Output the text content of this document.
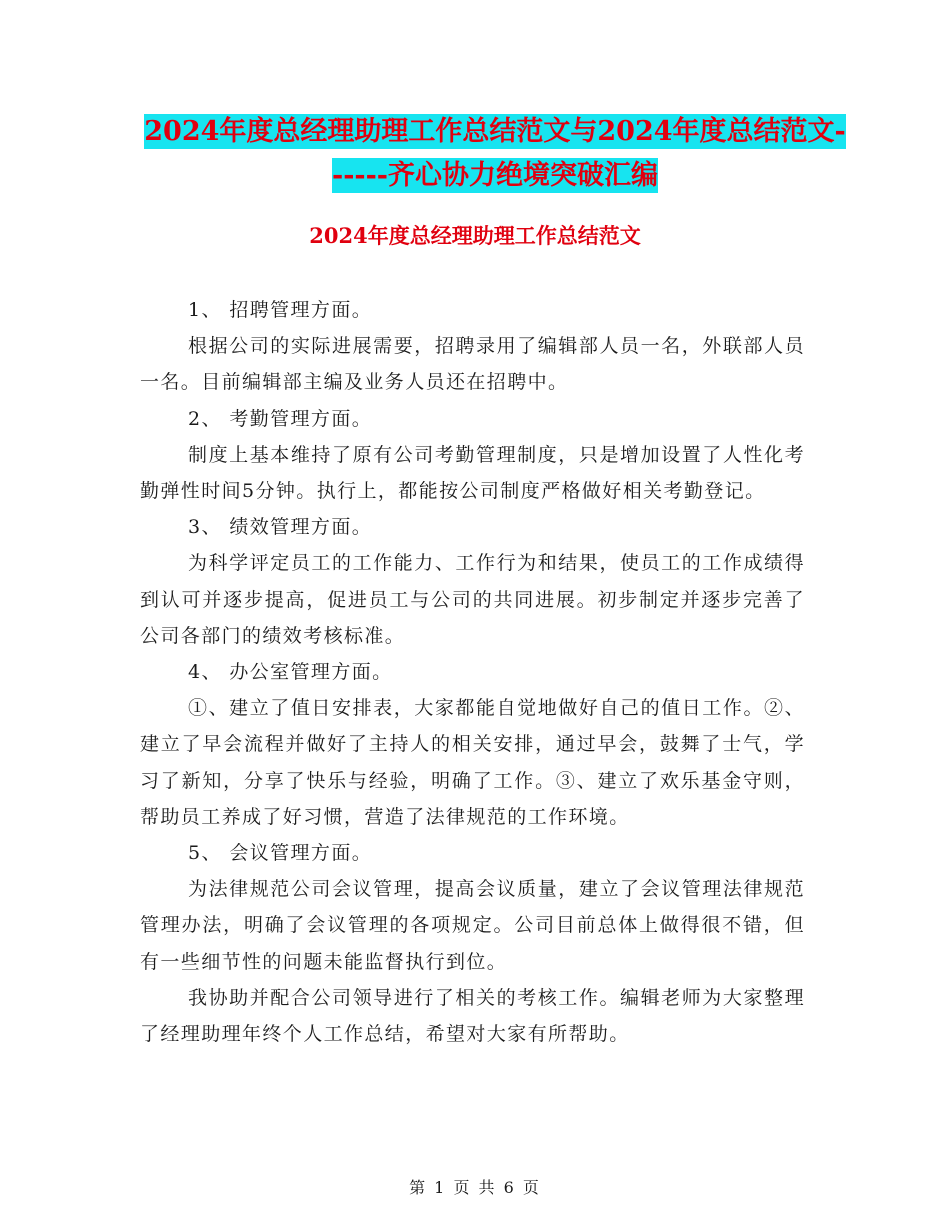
2024年度总经理助理工作总结范文与2024年度总结范文------齐心协力绝境突破汇编
2024年度总经理助理工作总结范文

1、 招聘管理方面。

根据公司的实际进展需要，招聘录用了编辑部人员一名，外联部人员一名。目前编辑部主编及业务人员还在招聘中。

2、 考勤管理方面。

制度上基本维持了原有公司考勤管理制度，只是增加设置了人性化考勤弹性时间5分钟。执行上，都能按公司制度严格做好相关考勤登记。

3、 绩效管理方面。

为科学评定员工的工作能力、工作行为和结果，使员工的工作成绩得到认可并逐步提高，促进员工与公司的共同进展。初步制定并逐步完善了公司各部门的绩效考核标准。

4、 办公室管理方面。

①、建立了值日安排表，大家都能自觉地做好自己的值日工作。②、建立了早会流程并做好了主持人的相关安排，通过早会，鼓舞了士气，学习了新知，分享了快乐与经验，明确了工作。③、建立了欢乐基金守则，帮助员工养成了好习惯，营造了法律规范的工作环境。

5、 会议管理方面。

为法律规范公司会议管理，提高会议质量，建立了会议管理法律规范管理办法，明确了会议管理的各项规定。公司目前总体上做得很不错，但有一些细节性的问题未能监督执行到位。

我协助并配合公司领导进行了相关的考核工作。编辑老师为大家整理了经理助理年终个人工作总结，希望对大家有所帮助。

第 1 页 共 6 页
